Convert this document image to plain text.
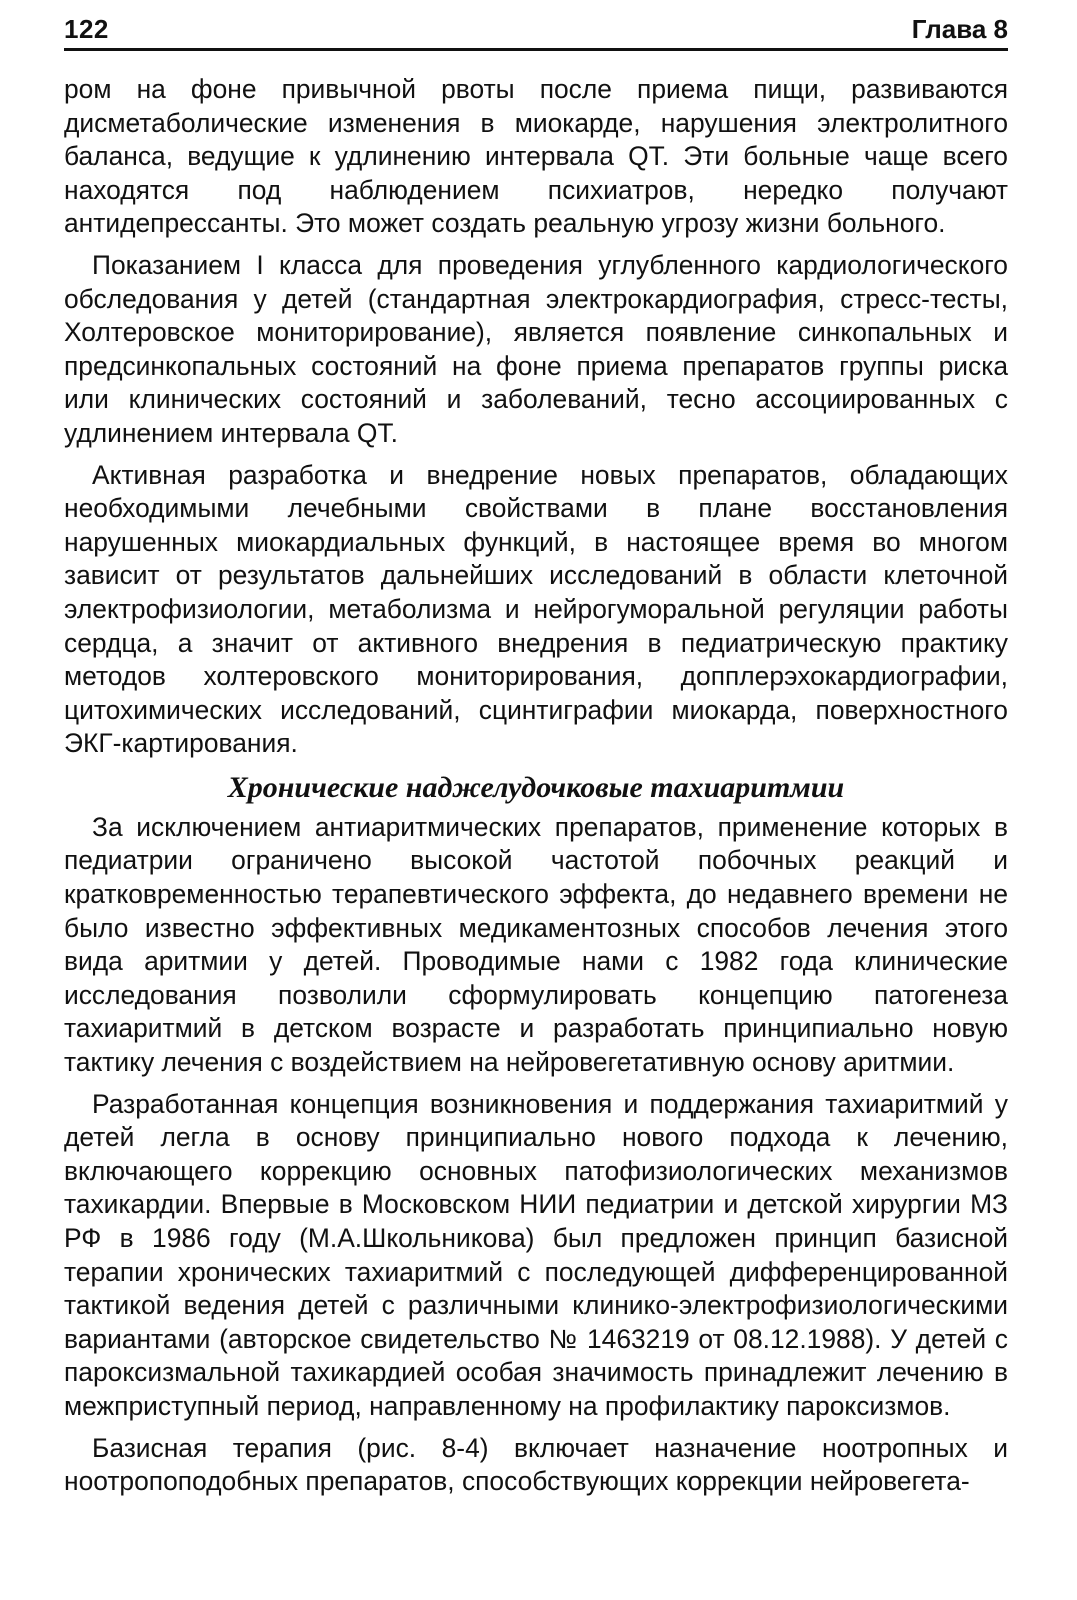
122	Глава 8

ром на фоне привычной рвоты после приема пищи, развиваются дисметаболические изменения в миокарде, нарушения электролитного баланса, ведущие к удлинению интервала QT. Эти больные чаще всего находятся под наблюдением психиатров, нередко получают антидепрессанты. Это может создать реальную угрозу жизни больного.

Показанием I класса для проведения углубленного кардиологического обследования у детей (стандартная электрокардиография, стресс-тесты, Холтеровское мониторирование), является появление синкопальных и предсинкопальных состояний на фоне приема препаратов группы риска или клинических состояний и заболеваний, тесно ассоциированных с удлинением интервала QT.

Активная разработка и внедрение новых препаратов, обладающих необходимыми лечебными свойствами в плане восстановления нарушенных миокардиальных функций, в настоящее время во многом зависит от результатов дальнейших исследований в области клеточной электрофизиологии, метаболизма и нейрогуморальной регуляции работы сердца, а значит от активного внедрения в педиатрическую практику методов холтеровского мониторирования, допплерэхокардиографии, цитохимических исследований, сцинтиграфии миокарда, поверхностного ЭКГ-картирования.

Хронические наджелудочковые тахиаритмии

За исключением антиаритмических препаратов, применение которых в педиатрии ограничено высокой частотой побочных реакций и кратковременностью терапевтического эффекта, до недавнего времени не было известно эффективных медикаментозных способов лечения этого вида аритмии у детей. Проводимые нами с 1982 года клинические исследования позволили сформулировать концепцию патогенеза тахиаритмий в детском возрасте и разработать принципиально новую тактику лечения с воздействием на нейровегетативную основу аритмии.

Разработанная концепция возникновения и поддержания тахиаритмий у детей легла в основу принципиально нового подхода к лечению, включающего коррекцию основных патофизиологических механизмов тахикардии. Впервые в Московском НИИ педиатрии и детской хирургии МЗ РФ в 1986 году (М.А.Школьникова) был предложен принцип базисной терапии хронических тахиаритмий с последующей дифференцированной тактикой ведения детей с различными клинико-электрофизиологическими вариантами (авторское свидетельство № 1463219 от 08.12.1988). У детей с пароксизмальной тахикардией особая значимость принадлежит лечению в межприступный период, направленному на профилактику пароксизмов.

Базисная терапия (рис. 8-4) включает назначение ноотропных и ноотропоподобных препаратов, способствующих коррекции нейровегета-
